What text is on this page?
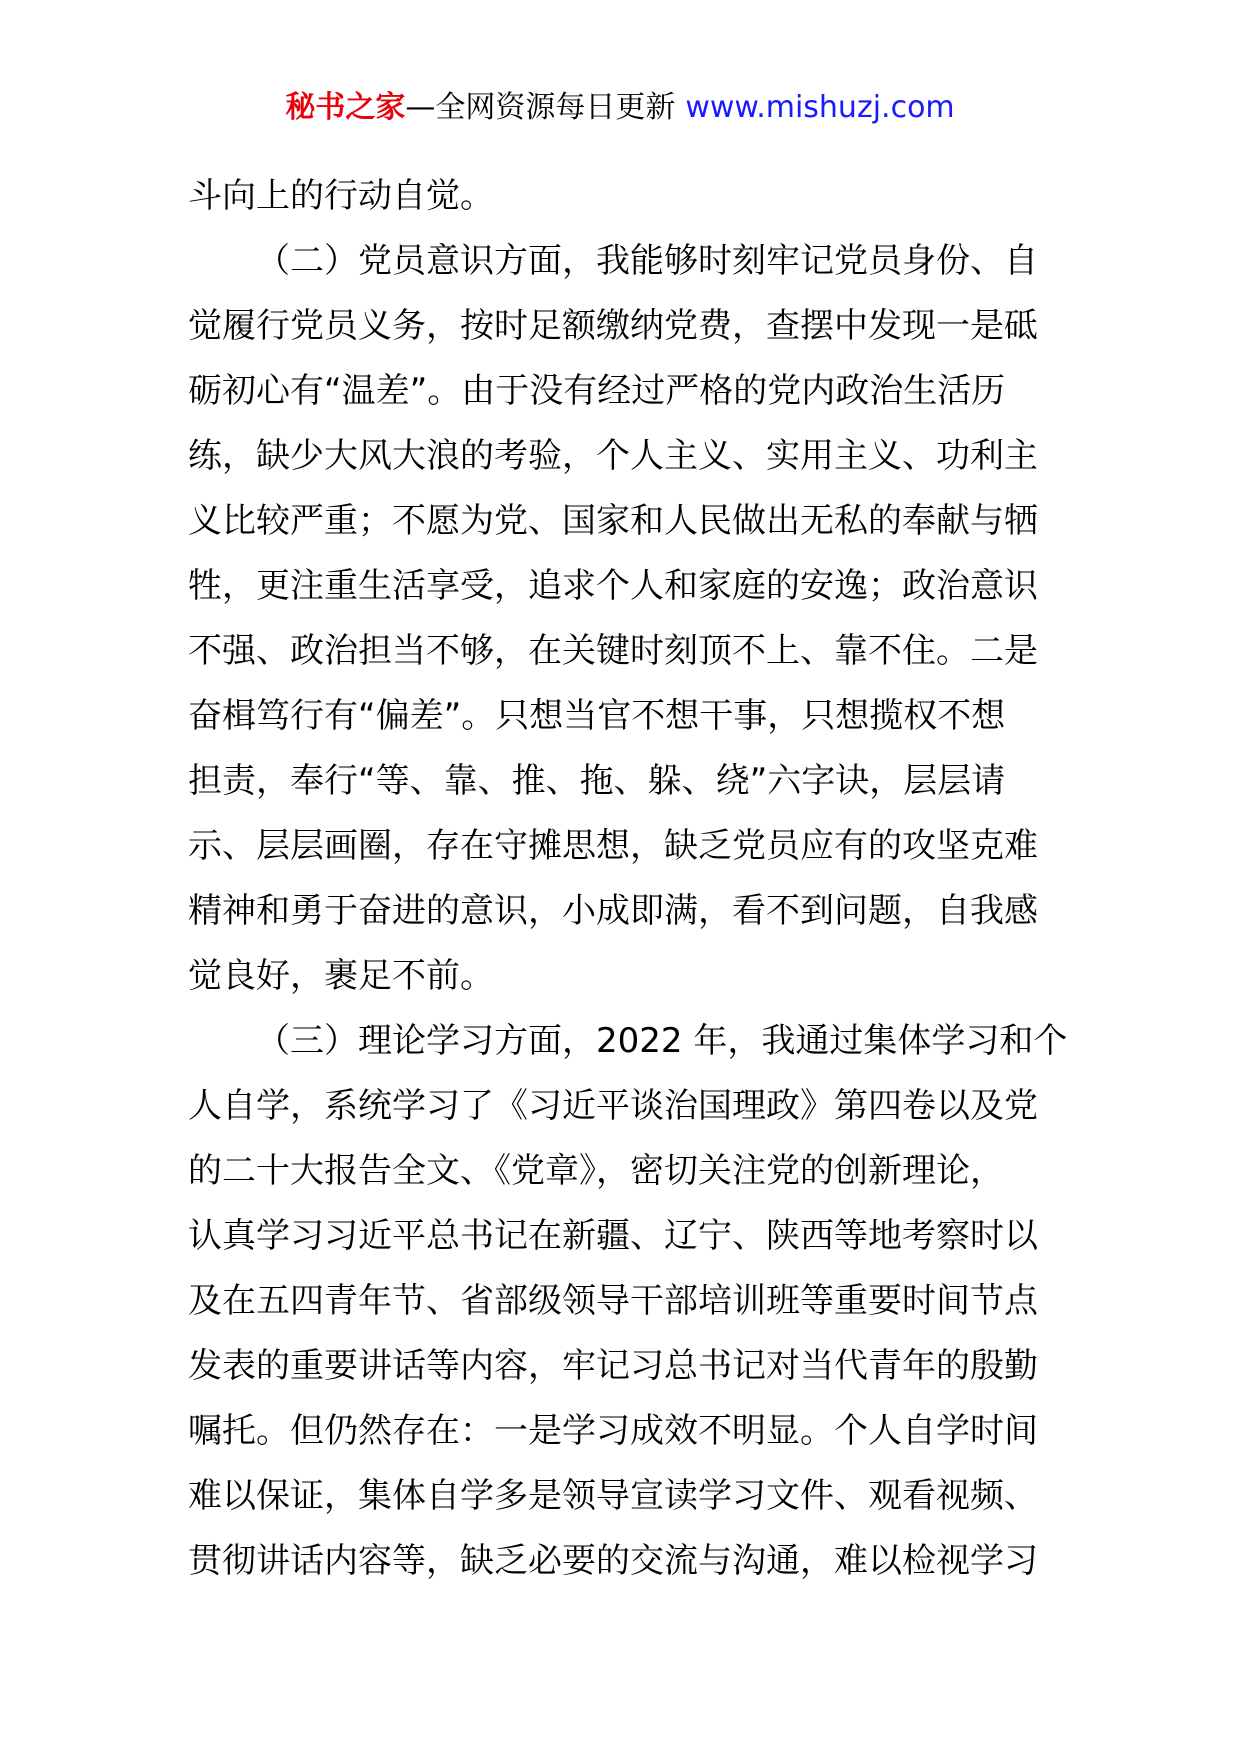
秘书之家—全网资源每日更新 www.mishuzj.com
斗向上的行动自觉。
（二）党员意识方面，我能够时刻牢记党员身份、自
觉履行党员义务，按时足额缴纳党费，查摆中发现一是砥
砺初心有“温差”。由于没有经过严格的党内政治生活历
练，缺少大风大浪的考验，个人主义、实用主义、功利主
义比较严重；不愿为党、国家和人民做出无私的奉献与牺
牲，更注重生活享受，追求个人和家庭的安逸；政治意识
不强、政治担当不够，在关键时刻顶不上、靠不住。二是
奋楫笃行有“偏差”。只想当官不想干事，只想揽权不想
担责，奉行“等、靠、推、拖、躲、绕”六字诀，层层请
示、层层画圈，存在守摊思想，缺乏党员应有的攻坚克难
精神和勇于奋进的意识，小成即满，看不到问题，自我感
觉良好，裹足不前。
（三）理论学习方面，2022 年，我通过集体学习和个
人自学，系统学习了《习近平谈治国理政》第四卷以及党
的二十大报告全文、《党章》，密切关注党的创新理论，
认真学习习近平总书记在新疆、辽宁、陕西等地考察时以
及在五四青年节、省部级领导干部培训班等重要时间节点
发表的重要讲话等内容，牢记习总书记对当代青年的殷勤
嘱托。但仍然存在：一是学习成效不明显。个人自学时间
难以保证，集体自学多是领导宣读学习文件、观看视频、
贯彻讲话内容等，缺乏必要的交流与沟通，难以检视学习
